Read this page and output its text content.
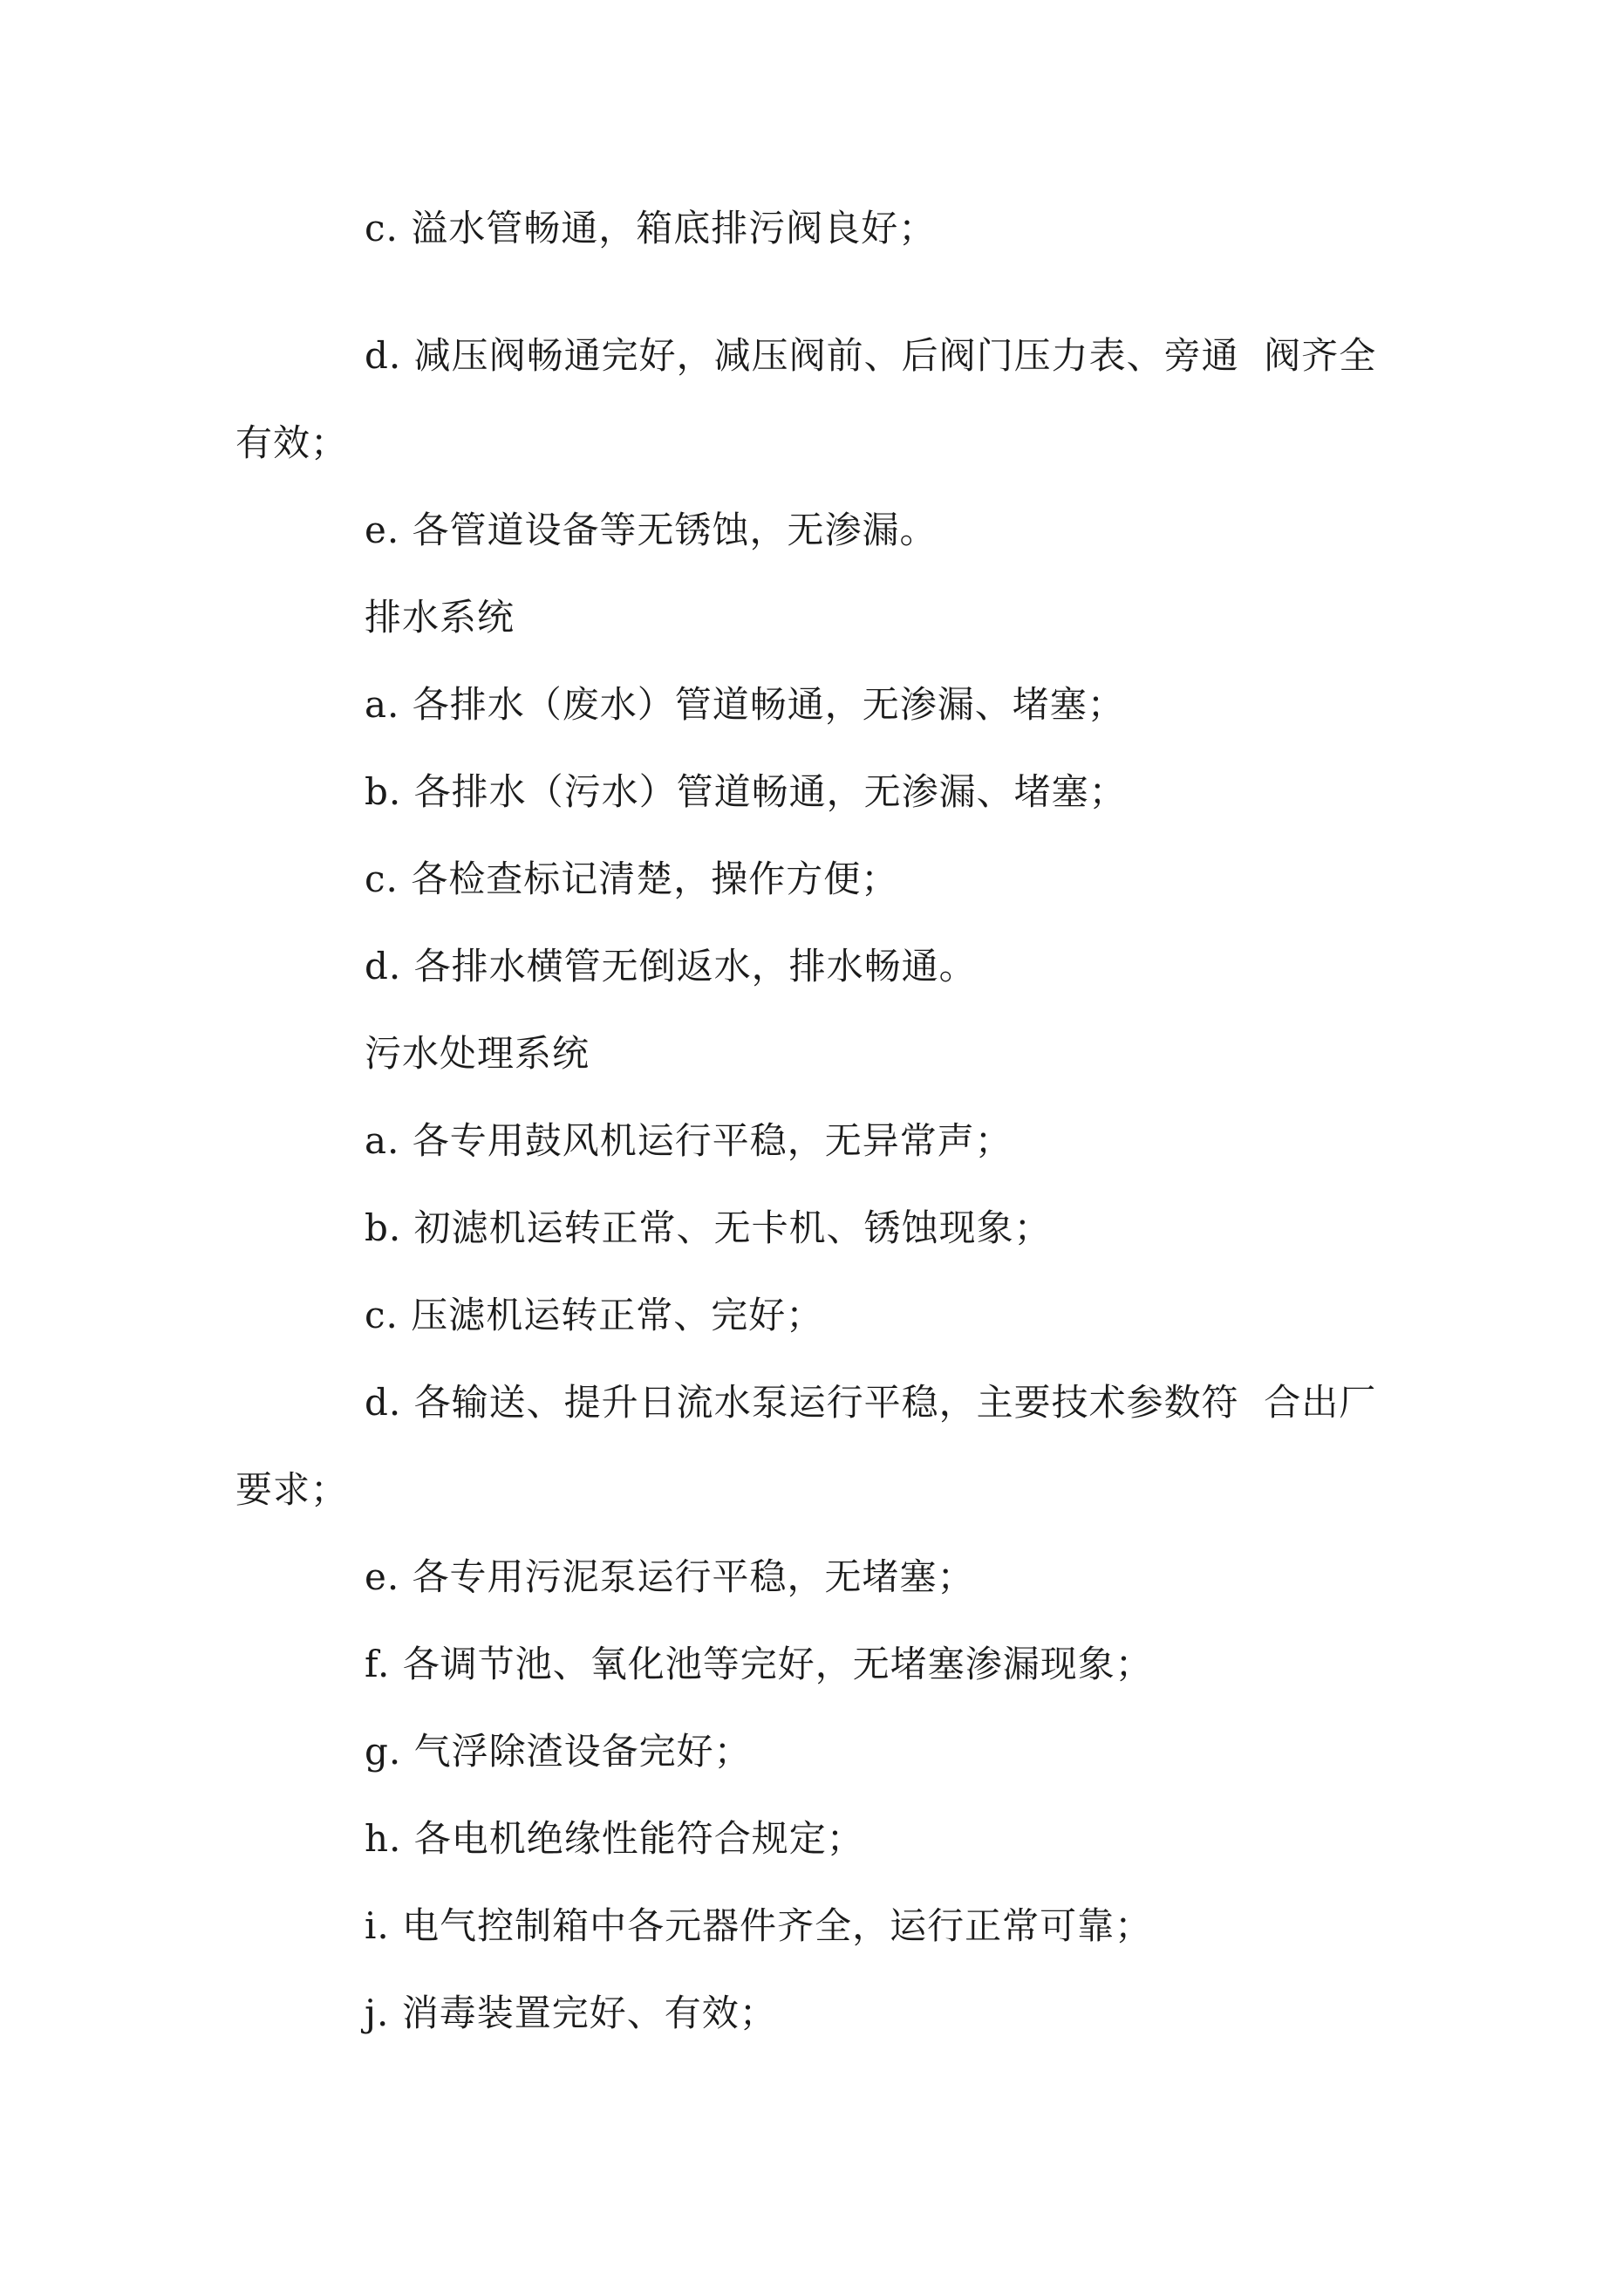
c. 溢水管畅通，箱底排污阀良好；
d. 减压阀畅通完好，减压阀前、后阀门压力表、旁通  阀齐全
有效；
e. 各管道设备等无锈蚀，无渗漏。
排水系统
a. 各排水（废水）管道畅通，无渗漏、堵塞；
b. 各排水（污水）管道畅通，无渗漏、堵塞；
c. 各检查标记清楚，操作方便；
d. 各排水横管无倒返水，排水畅通。
污水处理系统
a. 各专用鼓风机运行平稳，无异常声；
b. 初滤机运转正常、无卡机、锈蚀现象；
c. 压滤机运转正常、完好；
d. 各输送、提升日流水泵运行平稳，主要技术参数符  合出厂
要求；
e. 各专用污泥泵运行平稳，无堵塞；
f. 各调节池、氧化池等完好，无堵塞渗漏现象；
g. 气浮除渣设备完好；
h. 各电机绝缘性能符合规定；
i. 电气控制箱中各元器件齐全，运行正常可靠；
j. 消毒装置完好、有效；
